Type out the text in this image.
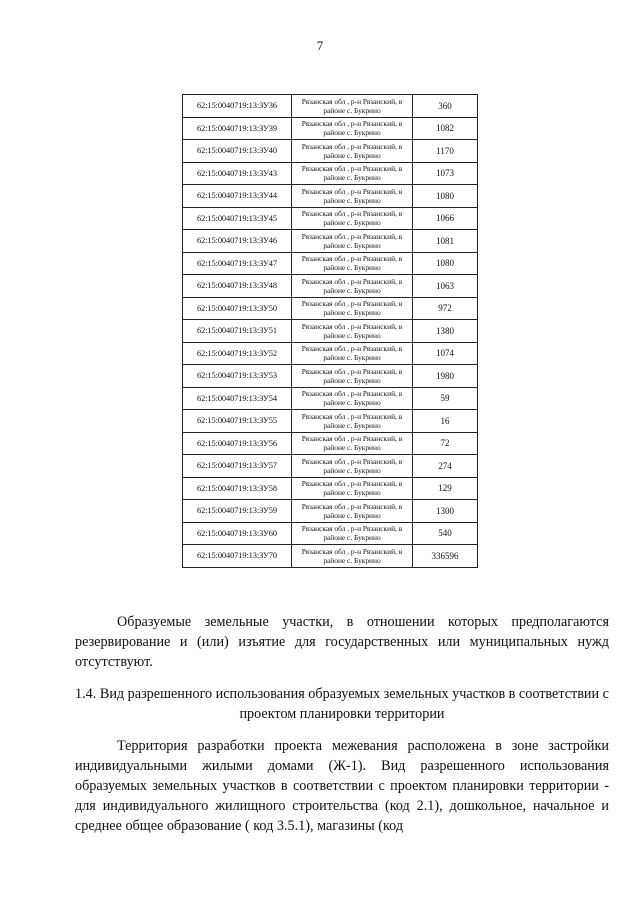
7
62:15:0040719:13:ЗУ36	Рязанская обл , р-н Рязанский, в районе с. Букрино	360
62:15:0040719:13:ЗУ39	Рязанская обл , р-н Рязанский, в районе с. Букрино	1082
62:15:0040719:13:ЗУ40	Рязанская обл , р-н Рязанский, в районе с. Букрино	1170
62:15:0040719:13:ЗУ43	Рязанская обл , р-н Рязанский, в районе с. Букрино	1073
62:15:0040719:13:ЗУ44	Рязанская обл , р-н Рязанский, в районе с. Букрино	1080
62:15:0040719:13:ЗУ45	Рязанская обл , р-н Рязанский, в районе с. Букрино	1066
62:15:0040719:13:ЗУ46	Рязанская обл , р-н Рязанский, в районе с. Букрино	1081
62:15:0040719:13:ЗУ47	Рязанская обл , р-н Рязанский, в районе с. Букрино	1080
62:15:0040719:13:ЗУ48	Рязанская обл , р-н Рязанский, в районе с. Букрино	1063
62:15:0040719:13:ЗУ50	Рязанская обл , р-н Рязанский, в районе с. Букрино	972
62:15:0040719:13:ЗУ51	Рязанская обл , р-н Рязанский, в районе с. Букрино	1380
62:15:0040719:13:ЗУ52	Рязанская обл , р-н Рязанский, в районе с. Букрино	1074
62:15:0040719:13:ЗУ53	Рязанская обл , р-н Рязанский, в районе с. Букрино	1980
62:15:0040719:13:ЗУ54	Рязанская обл , р-н Рязанский, в районе с. Букрино	59
62:15:0040719:13:ЗУ55	Рязанская обл , р-н Рязанский, в районе с. Букрино	16
62:15:0040719:13:ЗУ56	Рязанская обл , р-н Рязанский, в районе с. Букрино	72
62:15:0040719:13:ЗУ57	Рязанская обл , р-н Рязанский, в районе с. Букрино	274
62:15:0040719:13:ЗУ58	Рязанская обл , р-н Рязанский, в районе с. Букрино	129
62:15:0040719:13:ЗУ59	Рязанская обл , р-н Рязанский, в районе с. Букрино	1300
62:15:0040719:13:ЗУ60	Рязанская обл , р-н Рязанский, в районе с. Букрино	540
62:15:0040719:13:ЗУ70	Рязанская обл , р-н Рязанский, в районе с. Букрино	336596

Образуемые земельные участки, в отношении которых предполагаются резервирование и (или) изъятие для государственных или муниципальных нужд отсутствуют.

1.4. Вид разрешенного использования образуемых земельных участков в соответствии с проектом планировки территории

Территория разработки проекта межевания расположена в зоне застройки индивидуальными жилыми домами (Ж-1). Вид разрешенного использования образуемых земельных участков в соответствии с проектом планировки территории - для индивидуального жилищного строительства (код 2.1), дошкольное, начальное и среднее общее образование ( код 3.5.1), магазины (код
